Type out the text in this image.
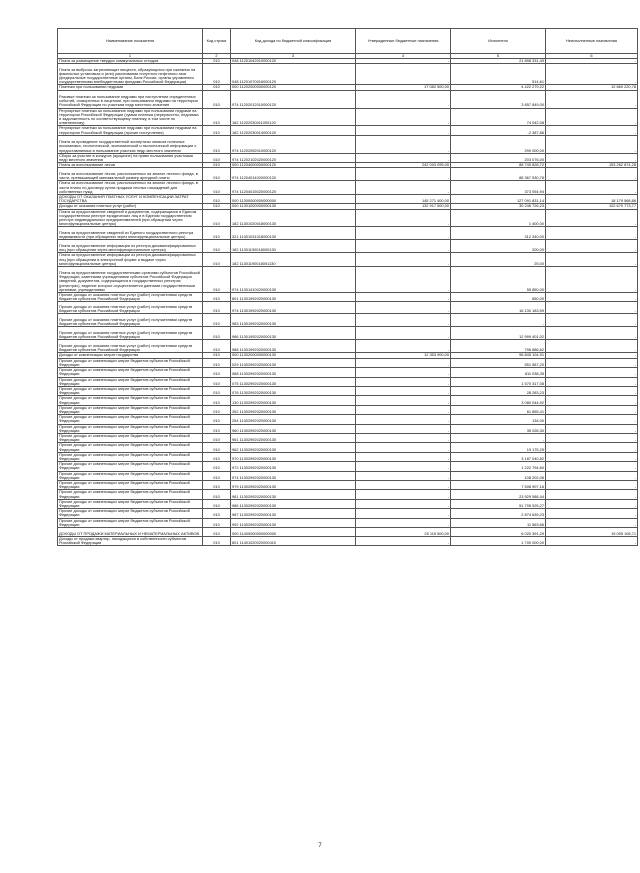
Наименование показателя	Код строки	Код дохода по бюджетной классификации	Утвержденные бюджетные назначения	Исполнено	Неисполненные назначения
1	2	3	4	5	6
Плата за размещение твердых коммунальных отходов	010	048 11201042010000120	-	21 898 331,49	-
Плата за выбросы загрязняющих веществ, образующихся при сжигании на факельных установках и (или) рассеивании попутного нефтяного газа (федеральные государственные органы, Банк России, органы управления государственными внебюджетными фондами Российской Федерации)	010	048 11201070016000120	-	514,61	-
Платежи при пользовании недрами	010	000 11202000000000120	17 082 500,00	4 422 279,22	12 660 220,78
Разовые платежи за пользование недрами при наступлении определенных событий, оговоренных в лицензии, при пользовании недрами на территории Российской Федерации по участкам недр местного значения	010	974 11202012010000120	-	3 857 849,00	-
Регулярные платежи за пользование недрами при пользовании недрами на территории Российской Федерации (сумма платежа (перерасчеты, недоимка и задолженность по соответствующему платежу, в том числе по отмененному)	010	182 11202030011000120	-	74 042,08	-
Регулярные платежи за пользование недрами при пользовании недрами на территории Российской Федерации (прочие поступления)	010	182 11202030014000120	-	-2 387,86	-
Плата за проведение государственной экспертизы запасов полезных ископаемых, геологической, экономической и экологической информации о предоставляемых в пользование участках недр местного значения	010	974 11202052010000120	-	290 000,00	-
Сборы за участие в конкурсе (аукционе) на право пользования участками недр местного значения	010	974 11202102020000120	-	203 076,00	-
Плата за использование лесов	010	000 11204000000000120	242 003 095,00	88 740 828,72	153 262 874,28
Плата за использование лесов, расположенных на землях лесного фонда, в части, превышающей минимальный размер арендной платы	010	974 11204014020000120	-	88 367 530,78	-
Плата за использование лесов, расположенных на землях лесного фонда, в части платы по договору купли-продажи лесных насаждений для собственных нужд	010	974 11204015020000120	-	373 054,94	-
ДОХОДЫ ОТ ОКАЗАНИЯ ПЛАТНЫХ УСЛУГ И КОМПЕНСАЦИИ ЗАТРАТ ГОСУДАРСТВА	010	000 11300000000000000	145 271 400,00	127 091 831,14	18 179 568,86
Доходы от оказания платных услуг (работ)	010	000 11301000000000130	132 917 500,00	30 246 726,23	102 670 773,77
Плата за предоставление сведений и документов, содержащихся в Едином государственном реестре юридических лиц и в Едином государственном реестре индивидуальных предпринимателей (при обращении через многофункциональные центры)	010	182 11301020018000130	-	1 400,00	-
Плата за предоставление сведений из Единого государственного реестра недвижимости (при обращении через многофункциональные центры)	010	321 11301031018000130	-	312 340,00	-
Плата за предоставление информации из реестра дисквалифицированных лиц (при обращении через многофункциональные центры)	010	182 11301190018000130	-	200,00	-
Плата за предоставление информации из реестра дисквалифицированных лиц (при обращении в электронной форме и выдаче через многофункциональные центры)	010	182 11301190018001130	-	25,00	-
Плата за предоставление государственными органами субъектов Российской Федерации, казенными учреждениями субъектов Российской Федерации сведений, документов, содержащихся в государственных реестрах (регистрах), ведение которых осуществляется данными государственными органами, учреждениями	010	974 11301410020000130	-	55 850,00	-
Прочие доходы от оказания платных услуг (работ) получателями средств бюджетов субъектов Российской Федерации	010	801 11301992020000130	-	650,00	-
Прочие доходы от оказания платных услуг (работ) получателями средств бюджетов субъектов Российской Федерации	010	974 11301992020000130	-	16 130 183,59	-
Прочие доходы от оказания платных услуг (работ) получателями средств бюджетов субъектов Российской Федерации	010	983 11301992020000130	-	-	-
Прочие доходы от оказания платных услуг (работ) получателями средств бюджетов субъектов Российской Федерации	010	986 11301992020000130	-	12 999 401,02	-
Прочие доходы от оказания платных услуг (работ) получателями средств бюджетов субъектов Российской Федерации	010	988 11301992020000130	-	796 886,62	-
Доходы от компенсации затрат государства	010	000 11302000000000130	12 353 900,00	96 845 104,91	-
Прочие доходы от компенсации затрат бюджетов субъектов Российской Федерации	010	029 11302992020000130	-	551 587,20	-
Прочие доходы от компенсации затрат бюджетов субъектов Российской Федерации	010	068 11302992020000130	-	811 038,35	-
Прочие доходы от компенсации затрат бюджетов субъектов Российской Федерации	010	075 11302992020000130	-	1 570 317,08	-
Прочие доходы от компенсации затрат бюджетов субъектов Российской Федерации	010	076 11302992020000130	-	28 283,23	-
Прочие доходы от компенсации затрат бюджетов субъектов Российской Федерации	010	130 11302992020000130	-	3 080 044,92	-
Прочие доходы от компенсации затрат бюджетов субъектов Российской Федерации	010	352 11302992020000130	-	61 855,41	-
Прочие доходы от компенсации затрат бюджетов субъектов Российской Федерации	010	254 11302992020000130	-	134,00	-
Прочие доходы от компенсации затрат бюджетов субъектов Российской Федерации	010	960 11302992020000130	-	35 028,30	-
Прочие доходы от компенсации затрат бюджетов субъектов Российской Федерации	010	961 11302992020000130	-	-	-
Прочие доходы от компенсации затрат бюджетов субъектов Российской Федерации	010	962 11302992020000130	-	19 175,25	-
Прочие доходы от компенсации затрат бюджетов субъектов Российской Федерации	010	970 11302992020000130	-	3 187 040,82	-
Прочие доходы от компенсации затрат бюджетов субъектов Российской Федерации	010	972 11302992020000130	-	1 222 794,60	-
Прочие доходы от компенсации затрат бюджетов субъектов Российской Федерации	010	974 11302992020000130	-	108 202,06	-
Прочие доходы от компенсации затрат бюджетов субъектов Российской Федерации	010	979 11302992020000130	-	7 506 907,16	-
Прочие доходы от компенсации затрат бюджетов субъектов Российской Федерации	010	981 11302992020000130	-	23 929 588,44	-
Прочие доходы от компенсации затрат бюджетов субъектов Российской Федерации	010	986 11302992020000130	-	51 795 925,27	-
Прочие доходы от компенсации затрат бюджетов субъектов Российской Федерации	010	987 11302992020000130	-	2 874 639,23	-
Прочие доходы от компенсации затрат бюджетов субъектов Российской Федерации	010	992 11302992020000130	-	11 563,66	-
ДОХОДЫ ОТ ПРОДАЖИ МАТЕРИАЛЬНЫХ И НЕМАТЕРИАЛЬНЫХ АКТИВОВ	010	000 11400000000000000	25 115 500,00	6 020 391,29	19 095 108,71
Доходы от продажи квартир, находящихся в собственности субъектов Российской Федерации	010	801 11401020020000410	-	1 700 000,00	-
7
